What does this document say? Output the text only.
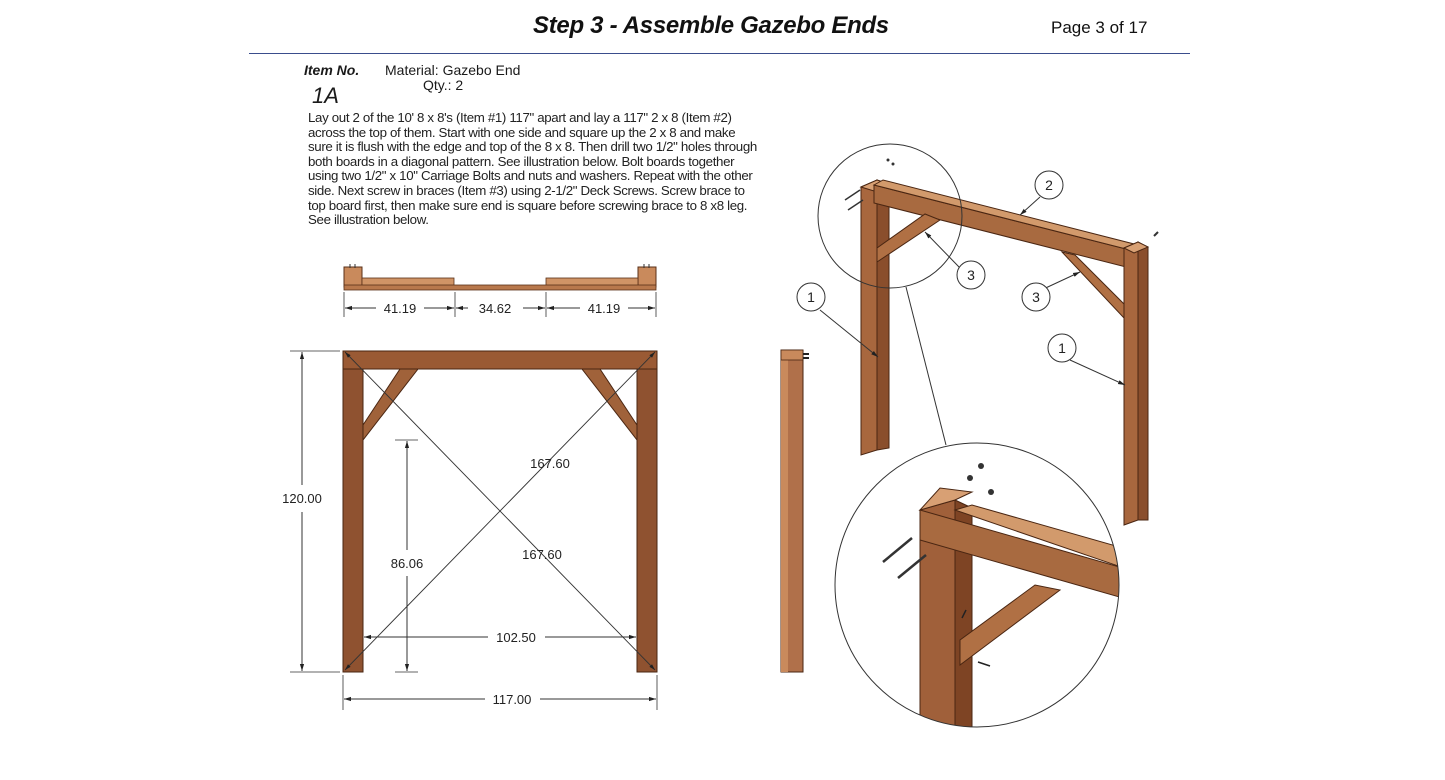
Step 3 - Assemble Gazebo Ends	Page 3 of 17
Item No.
1A
Material: Gazebo End
Qty.: 2
Lay out 2 of the 10' 8 x 8's (Item #1) 117" apart and lay a 117" 2 x 8 (Item #2) across the top of them. Start with one side and square up the 2 x 8 and make sure it is flush with the edge and top of the 8 x 8. Then drill two 1/2" holes through both boards in a diagonal pattern. See illustration below. Bolt boards together using two 1/2" x 10" Carriage Bolts and nuts and washers. Repeat with the other side. Next screw in braces (Item #3) using 2-1/2" Deck Screws. Screw brace to top board first, then make sure end is square before screwing brace to 8 x8 leg. See illustration below.
41.19	34.62	41.19
120.00
167.60
167.60
86.06
102.50
117.00
2
3
3
1
1
